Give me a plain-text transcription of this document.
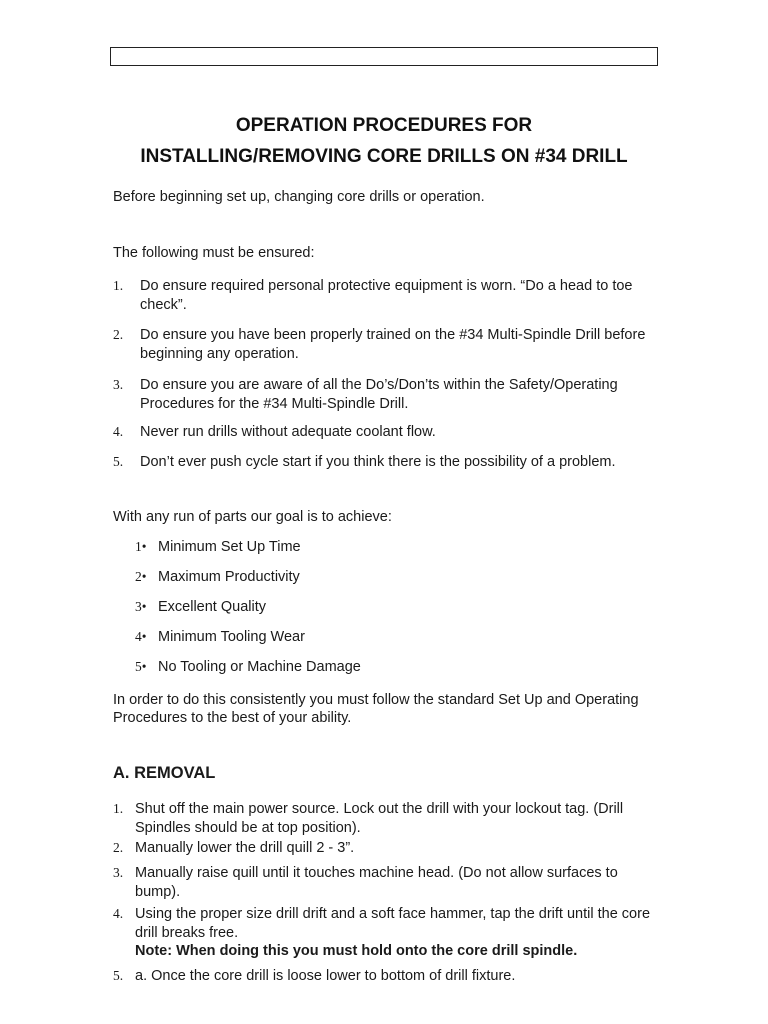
OPERATION PROCEDURES FOR
INSTALLING/REMOVING CORE DRILLS ON #34 DRILL
Before beginning set up, changing core drills or operation.
The following must be ensured:
1. Do ensure required personal protective equipment is worn. “Do a head to toe check”.
2. Do ensure you have been properly trained on the #34 Multi-Spindle Drill before beginning any operation.
3. Do ensure you are aware of all the Do’s/Don’ts within the Safety/Operating Procedures for the #34 Multi-Spindle Drill.
4. Never run drills without adequate coolant flow.
5. Don’t ever push cycle start if you think there is the possibility of a problem.
With any run of parts our goal is to achieve:
1• Minimum Set Up Time
2• Maximum Productivity
3• Excellent Quality
4• Minimum Tooling Wear
5• No Tooling or Machine Damage
In order to do this consistently you must follow the standard Set Up and Operating Procedures to the best of your ability.
A. REMOVAL
1. Shut off the main power source. Lock out the drill with your lockout tag. (Drill Spindles should be at top position).
2. Manually lower the drill quill 2 - 3”.
3. Manually raise quill until it touches machine head. (Do not allow surfaces to bump).
4. Using the proper size drill drift and a soft face hammer, tap the drift until the core drill breaks free.
Note: When doing this you must hold onto the core drill spindle.
5. a. Once the core drill is loose lower to bottom of drill fixture.
